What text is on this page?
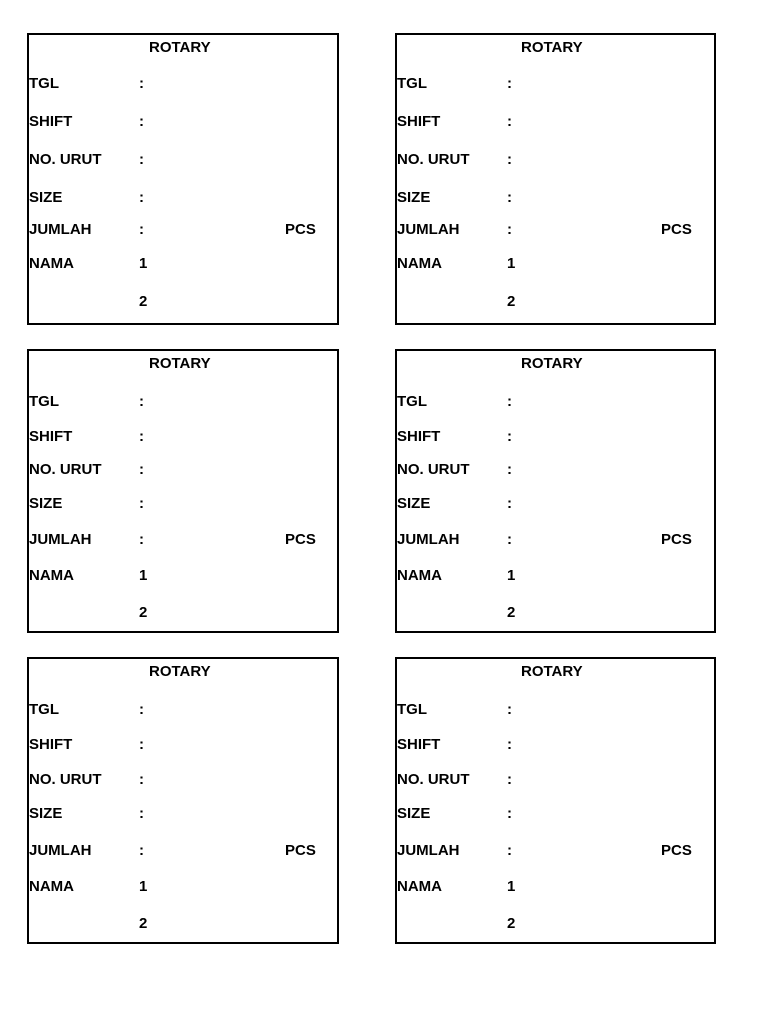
ROTARY
TGL	:
SHIFT	:
NO. URUT	:
SIZE	:
JUMLAH	:	PCS
NAMA	1
2
ROTARY
TGL	:
SHIFT	:
NO. URUT	:
SIZE	:
JUMLAH	:	PCS
NAMA	1
2
ROTARY
TGL	:
SHIFT	:
NO. URUT	:
SIZE	:
JUMLAH	:	PCS
NAMA	1
2
ROTARY
TGL	:
SHIFT	:
NO. URUT	:
SIZE	:
JUMLAH	:	PCS
NAMA	1
2
ROTARY
TGL	:
SHIFT	:
NO. URUT	:
SIZE	:
JUMLAH	:	PCS
NAMA	1
2
ROTARY
TGL	:
SHIFT	:
NO. URUT	:
SIZE	:
JUMLAH	:	PCS
NAMA	1
2
